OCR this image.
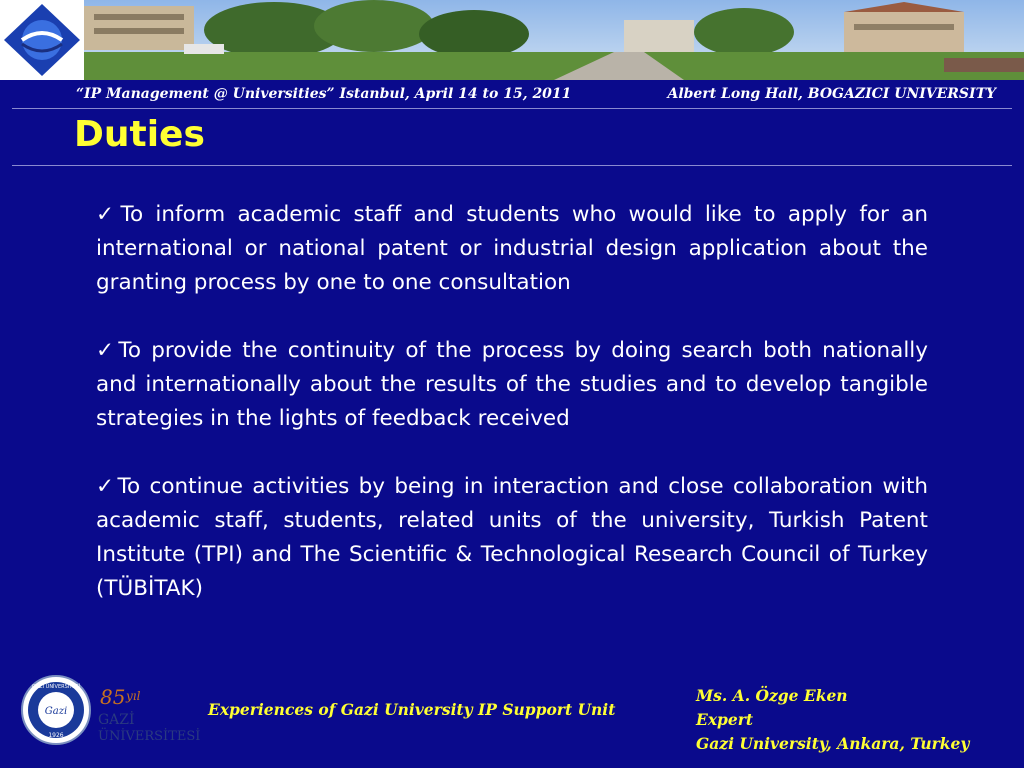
“IP Management @ Universities” Istanbul, April 14 to 15, 2011	Albert Long Hall, BOGAZICI UNIVERSITY
Duties

✓To inform academic staff and students who would like to apply for an international or national patent or industrial design application about the granting process by one to one consultation

✓To provide the continuity of the process by doing search both nationally and internationally about the results of the studies and to develop tangible strategies in the lights of feedback received

✓To continue activities by being in interaction and close collaboration with academic staff, students, related units of the university, Turkish Patent Institute (TPI) and The Scientific & Technological Research Council of Turkey (TÜBİTAK)

Gazi
GAZİ ÜNİVERSİTESİ
1926
85 yıl
GAZİ
ÜNİVERSİTESİ
Experiences of Gazi University IP Support Unit
Ms. A. Özge Eken
Expert
Gazi University, Ankara, Turkey
